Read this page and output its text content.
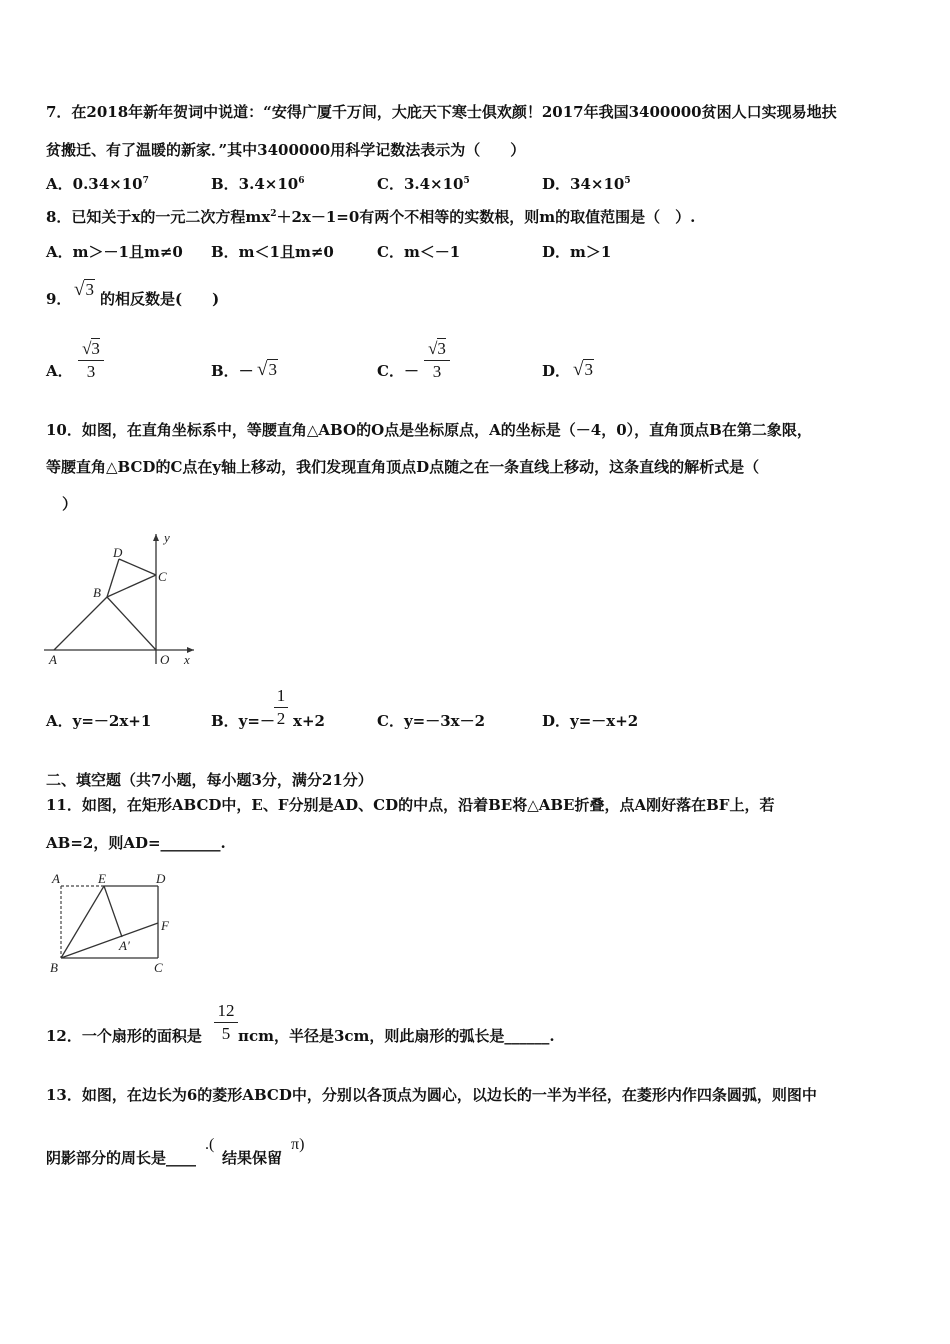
7．在2018年新年贺词中说道：“安得广厦千万间，大庇天下寒士俱欢颜！2017年我国3400000贫困人口实现易地扶
贫搬迁、有了温暖的新家．”其中3400000用科学记数法表示为（　　）
A．$0.34\times 10^7$	B．$3.4\times 10^6$	C．$3.4\times 10^5$	D．$34\times 10^5$
8．已知关于x的一元二次方程$mx^2+2x-1=0$有两个不相等的实数根，则m的取值范围是（　）.
A．m＞－1且m≠0 B．m＜1且m≠0	C．m＜－1	D．m＞1
9． √3 的相反数是(　　)
A．
√3
3	B．－ √3	C．－
√3
3	D． √3
10．如图，在直角坐标系中，等腰直角△ABO的O点是坐标原点，A的坐标是（－4，0），直角顶点B在第二象限，
等腰直角△BCD的C点在y轴上移动，我们发现直角顶点D点随之在一条直线上移动，这条直线的解析式是（
）
D
C
B
A	O x
y
A．y=－2x+1	B．y=－
1
2 x+2	C．y=－3x－2	D．y=－x+2
二、填空题（共7小题，每小题3分，满分21分）
11．如图，在矩形ABCD中，E、F分别是AD、CD的中点，沿着BE将△ABE折叠，点A刚好落在BF上，若
AB=2，则AD=________.
A	E	D
F
A′
B	C
12．一个扇形的面积是
12
5 πcm，半径是3cm，则此扇形的弧长是______.
13．如图，在边长为6的菱形ABCD中，分别以各顶点为圆心，以边长的一半为半径，在菱形内作四条圆弧，则图中
阴影部分的周长是____
.(
结果保留
π)
